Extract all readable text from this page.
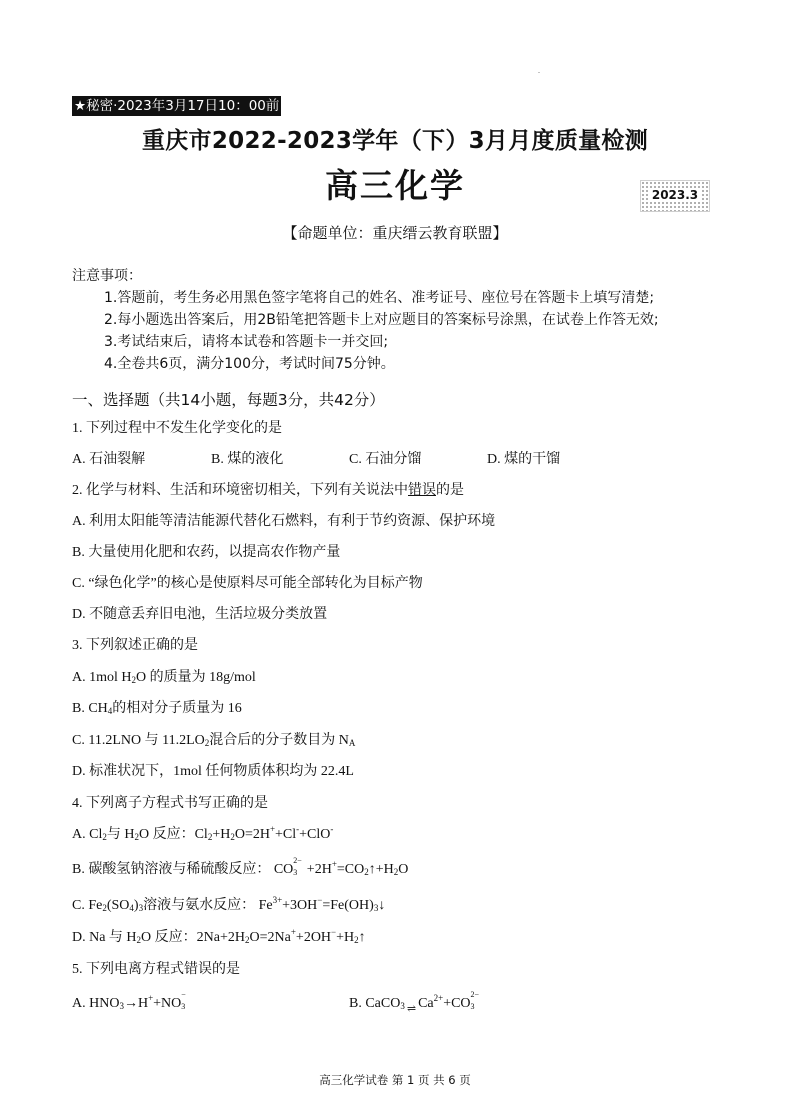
.
★秘密·2023年3月17日10：00前
重庆市2022-2023学年（下）3月月度质量检测
高三化学	2023.3
【命题单位：重庆缙云教育联盟】
注意事项：
1.答题前，考生务必用黑色签字笔将自己的姓名、准考证号、座位号在答题卡上填写清楚;
2.每小题选出答案后，用2B铅笔把答题卡上对应题目的答案标号涂黑，在试卷上作答无效;
3.考试结束后，请将本试卷和答题卡一并交回;
4.全卷共6页，满分100分，考试时间75分钟。
一、选择题（共14小题，每题3分，共42分）
1. 下列过程中不发生化学变化的是
A. 石油裂解	B. 煤的液化	C. 石油分馏	D. 煤的干馏
2. 化学与材料、生活和环境密切相关，下列有关说法中错误的是
A. 利用太阳能等清洁能源代替化石燃料，有利于节约资源、保护环境
B. 大量使用化肥和农药，以提高农作物产量
C. “绿色化学”的核心是使原料尽可能全部转化为目标产物
D. 不随意丢弃旧电池，生活垃圾分类放置
3. 下列叙述正确的是
A. 1mol $H_2O$ 的质量为 18g/mol
B. $CH_4$的相对分子质量为 16
C. 11.2LNO 与 $11.2LO_2$混合后的分子数目为 $N_A$
D. 标准状况下，1mol 任何物质体积均为 22.4L
4. 下列离子方程式书写正确的是
A. $Cl_2$与 $H_2O$ 反应：$Cl_2+H_2O=2H^++Cl^-+ClO^-$
B. 碳酸氢钠溶液与稀硫酸反应： CO
2−
$3 +2H^+=CO_2↑+H_2O$
C. $Fe_2(SO_4)_3$溶液与氨水反应： $Fe^{3+}+3OH^-=Fe(OH)_3↓$
D. Na 与 $H_2O$ 反应：$2Na+2H_2O=2Na^++2OH^-+H_2↑$
5. 下列电离方程式错误的是
A. $HNO_3\to H^++NO$
−
3	B. CaCO$_3$ ⇌ $Ca^{2+}+CO$
2−
3
高三化学试卷 第 1 页 共 6 页
